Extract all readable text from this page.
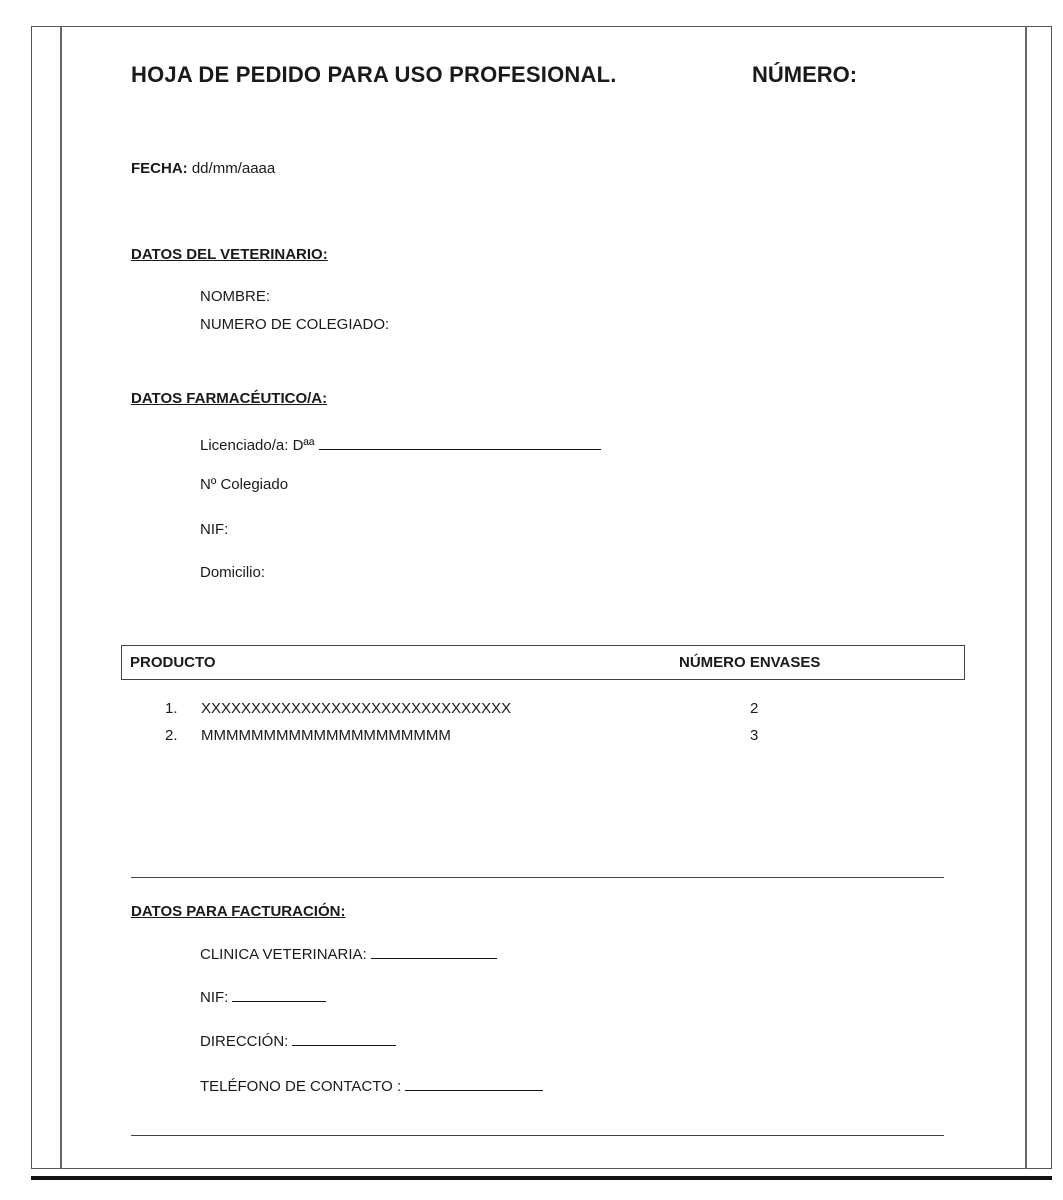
HOJA DE PEDIDO PARA USO PROFESIONAL.	NÚMERO:
FECHA: dd/mm/aaaa
DATOS DEL VETERINARIO:
NOMBRE:
NUMERO DE COLEGIADO:
DATOS FARMACÉUTICO/A:
Licenciado/a: Dªª
Nº Colegiado
NIF:
Domicilio:
PRODUCTO	NÚMERO ENVASES
1. XXXXXXXXXXXXXXXXXXXXXXXXXXXXXXX	2
2. MMMMMMMMMMMMMMMMMMMM	3
DATOS PARA FACTURACIÓN:
CLINICA VETERINARIA:
NIF:
DIRECCIÓN:
TELÉFONO DE CONTACTO :
